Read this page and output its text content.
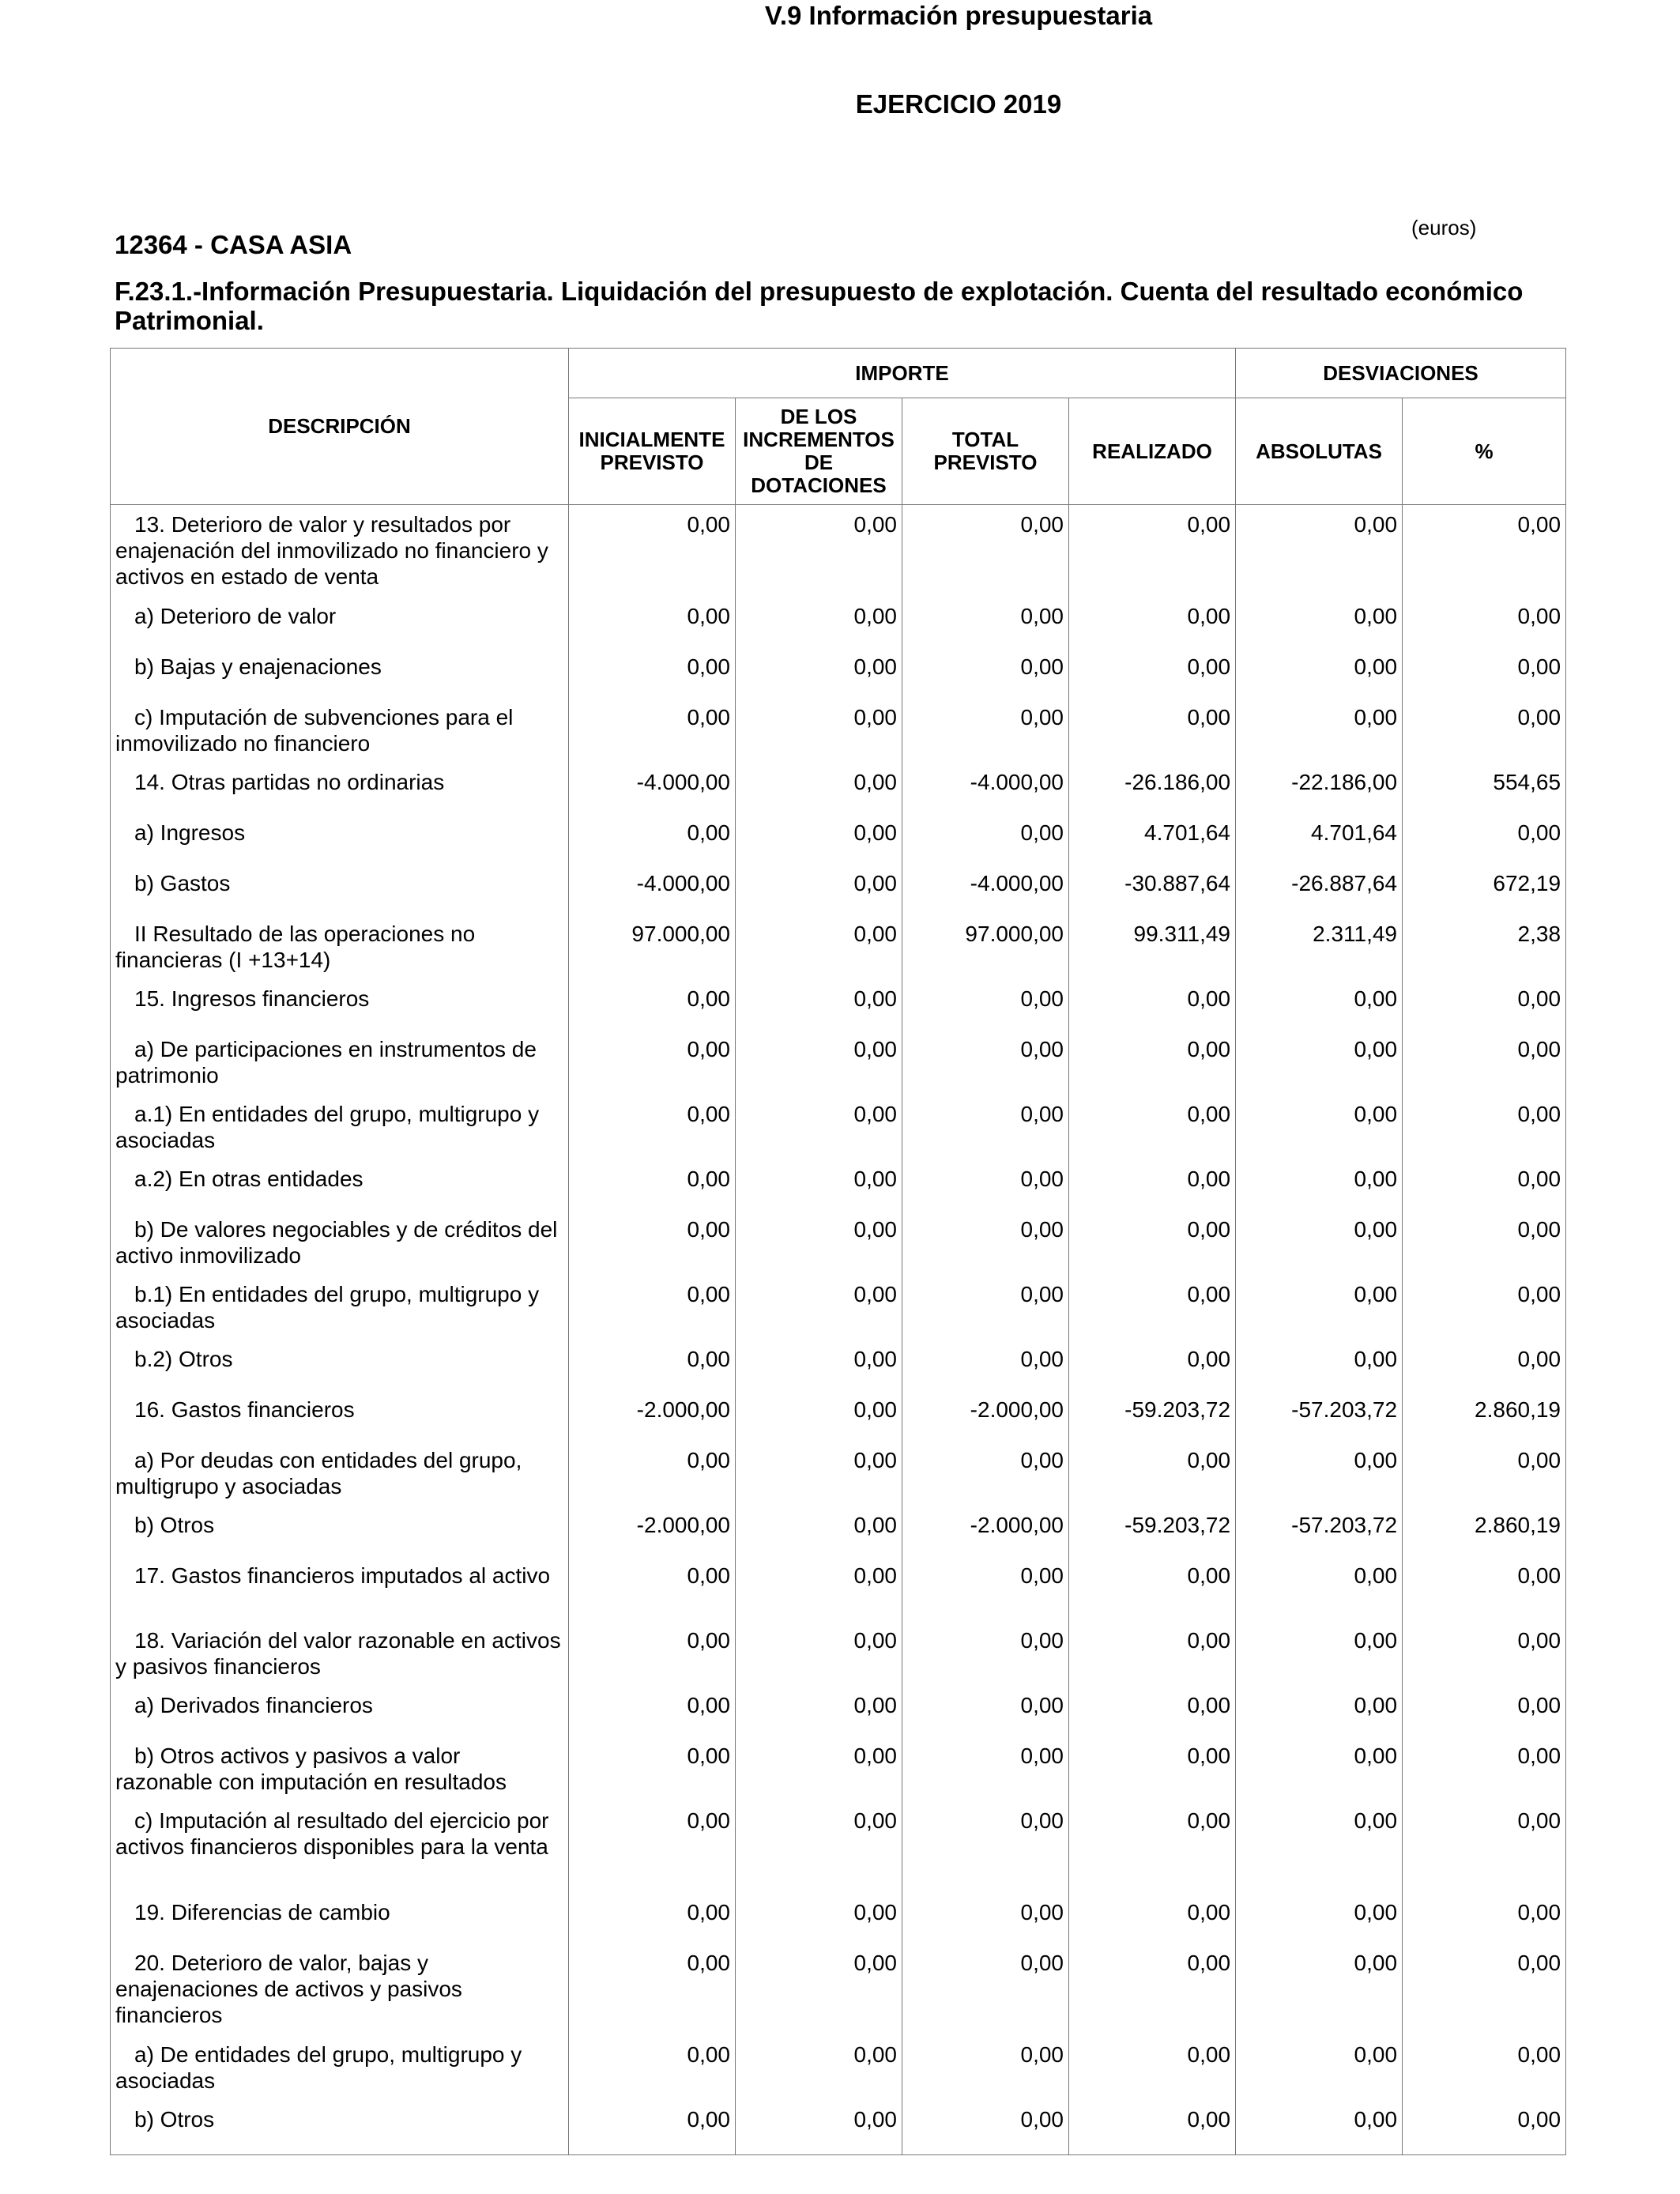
V.9 Información presupuestaria
EJERCICIO 2019
12364 - CASA ASIA
(euros)
F.23.1.-Información Presupuestaria. Liquidación del presupuesto de explotación. Cuenta del resultado económico Patrimonial.
DESCRIPCIÓN	IMPORTE				DESVIACIONES	
	INICIALMENTE PREVISTO	DE LOS INCREMENTOS DE DOTACIONES	TOTAL PREVISTO	REALIZADO	ABSOLUTAS	%
13. Deterioro de valor y resultados por enajenación del inmovilizado no financiero y activos en estado de venta	0,00	0,00	0,00	0,00	0,00	0,00
a) Deterioro de valor	0,00	0,00	0,00	0,00	0,00	0,00
b) Bajas y enajenaciones	0,00	0,00	0,00	0,00	0,00	0,00
c) Imputación de subvenciones para el inmovilizado no financiero	0,00	0,00	0,00	0,00	0,00	0,00
14. Otras partidas no ordinarias	-4.000,00	0,00	-4.000,00	-26.186,00	-22.186,00	554,65
a) Ingresos	0,00	0,00	0,00	4.701,64	4.701,64	0,00
b) Gastos	-4.000,00	0,00	-4.000,00	-30.887,64	-26.887,64	672,19
II Resultado de las operaciones no financieras (I +13+14)	97.000,00	0,00	97.000,00	99.311,49	2.311,49	2,38
15. Ingresos financieros	0,00	0,00	0,00	0,00	0,00	0,00
a) De participaciones en instrumentos de patrimonio	0,00	0,00	0,00	0,00	0,00	0,00
a.1) En entidades del grupo, multigrupo y asociadas	0,00	0,00	0,00	0,00	0,00	0,00
a.2) En otras entidades	0,00	0,00	0,00	0,00	0,00	0,00
b) De valores negociables y de créditos del activo inmovilizado	0,00	0,00	0,00	0,00	0,00	0,00
b.1) En entidades del grupo, multigrupo y asociadas	0,00	0,00	0,00	0,00	0,00	0,00
b.2) Otros	0,00	0,00	0,00	0,00	0,00	0,00
16. Gastos financieros	-2.000,00	0,00	-2.000,00	-59.203,72	-57.203,72	2.860,19
a) Por deudas con entidades del grupo, multigrupo y asociadas	0,00	0,00	0,00	0,00	0,00	0,00
b) Otros	-2.000,00	0,00	-2.000,00	-59.203,72	-57.203,72	2.860,19
17. Gastos financieros imputados al activo	0,00	0,00	0,00	0,00	0,00	0,00
18. Variación del valor razonable en activos y pasivos financieros	0,00	0,00	0,00	0,00	0,00	0,00
a) Derivados financieros	0,00	0,00	0,00	0,00	0,00	0,00
b) Otros activos y pasivos a valor razonable con imputación en resultados	0,00	0,00	0,00	0,00	0,00	0,00
c) Imputación al resultado del ejercicio por activos financieros disponibles para la venta	0,00	0,00	0,00	0,00	0,00	0,00
19. Diferencias de cambio	0,00	0,00	0,00	0,00	0,00	0,00
20. Deterioro de valor, bajas y enajenaciones de activos y pasivos financieros	0,00	0,00	0,00	0,00	0,00	0,00
a) De entidades del grupo, multigrupo y asociadas	0,00	0,00	0,00	0,00	0,00	0,00
b) Otros	0,00	0,00	0,00	0,00	0,00	0,00
